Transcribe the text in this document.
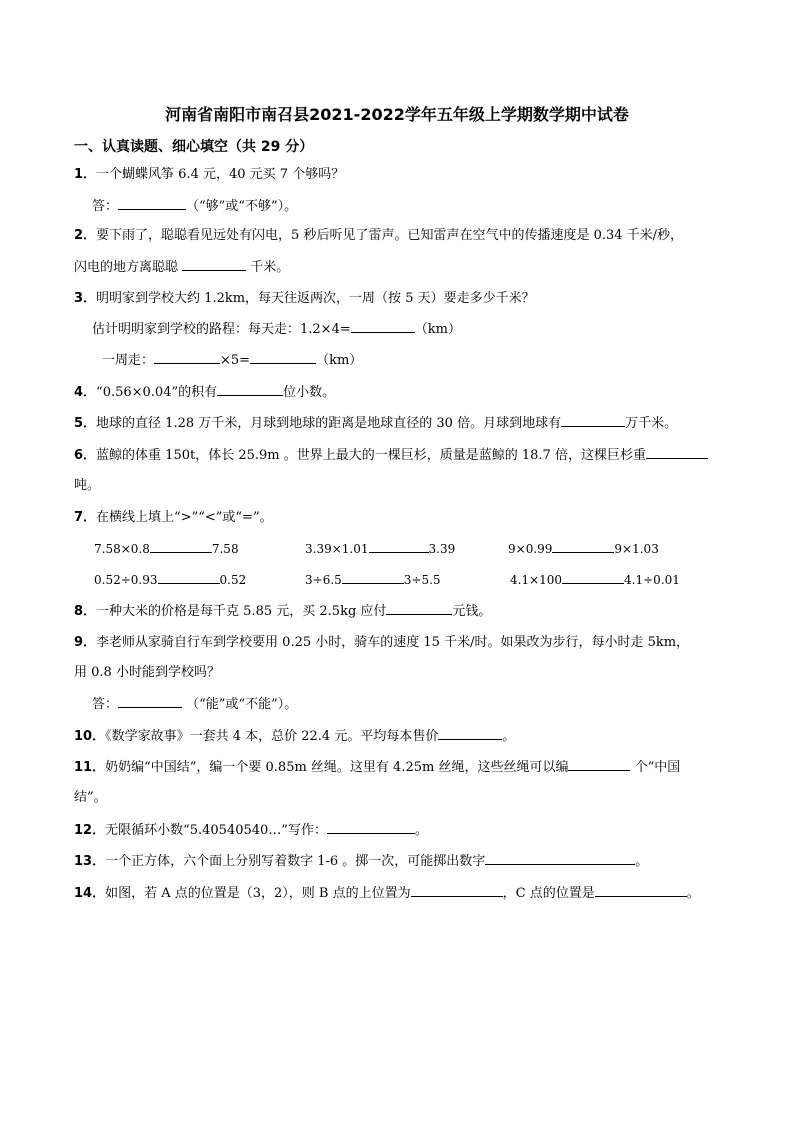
河南省南阳市南召县2021-2022学年五年级上学期数学期中试卷
一、认真读题、细心填空（共 29 分）
1．一个蝴蝶风筝 6.4 元，40 元买 7 个够吗？
答：	（“够”或“不够”）。
2．要下雨了，聪聪看见远处有闪电，5 秒后听见了雷声。已知雷声在空气中的传播速度是 0.34 千米/秒，
闪电的地方离聪聪	千米。
3．明明家到学校大约 1.2km，每天往返两次，一周（按 5 天）要走多少千米？
估计明明家到学校的路程：每天走：1.2×4=	（km）
一周走：	×5=	（km）
4．“0.56×0.04”的积有	位小数。
5．地球的直径 1.28 万千米，月球到地球的距离是地球直径的 30 倍。月球到地球有	万千米。
6．蓝鲸的体重 150t，体长 25.9m 。世界上最大的一棵巨杉，质量是蓝鲸的 18.7 倍，这棵巨杉重
吨。
7．在横线上填上“>”“<”或“=”。
7.58×0.8	7.58	3.39×1.01	3.39	9×0.99	9×1.03
0.52÷0.93	0.52	3÷6.5	3÷5.5	4.1×100	4.1÷0.01
8．一种大米的价格是每千克 5.85 元，买 2.5kg 应付	元钱。
9．李老师从家骑自行车到学校要用 0.25 小时，骑车的速度 15 千米/时。如果改为步行，每小时走 5km，
用 0.8 小时能到学校吗？
答：	（“能”或“不能”）。
10．《数学家故事》一套共 4 本，总价 22.4 元。平均每本售价	。
11．奶奶编“中国结”，编一个要 0.85m 丝绳。这里有 4.25m 丝绳，这些丝绳可以编	个“中国
结”。
12．无限循环小数“5.40540540…”写作：	。
13．一个正方体，六个面上分别写着数字 1-6 。掷一次，可能掷出数字	。
14．如图，若 A 点的位置是（3，2），则 B 点的上位置为	，C 点的位置是	。
